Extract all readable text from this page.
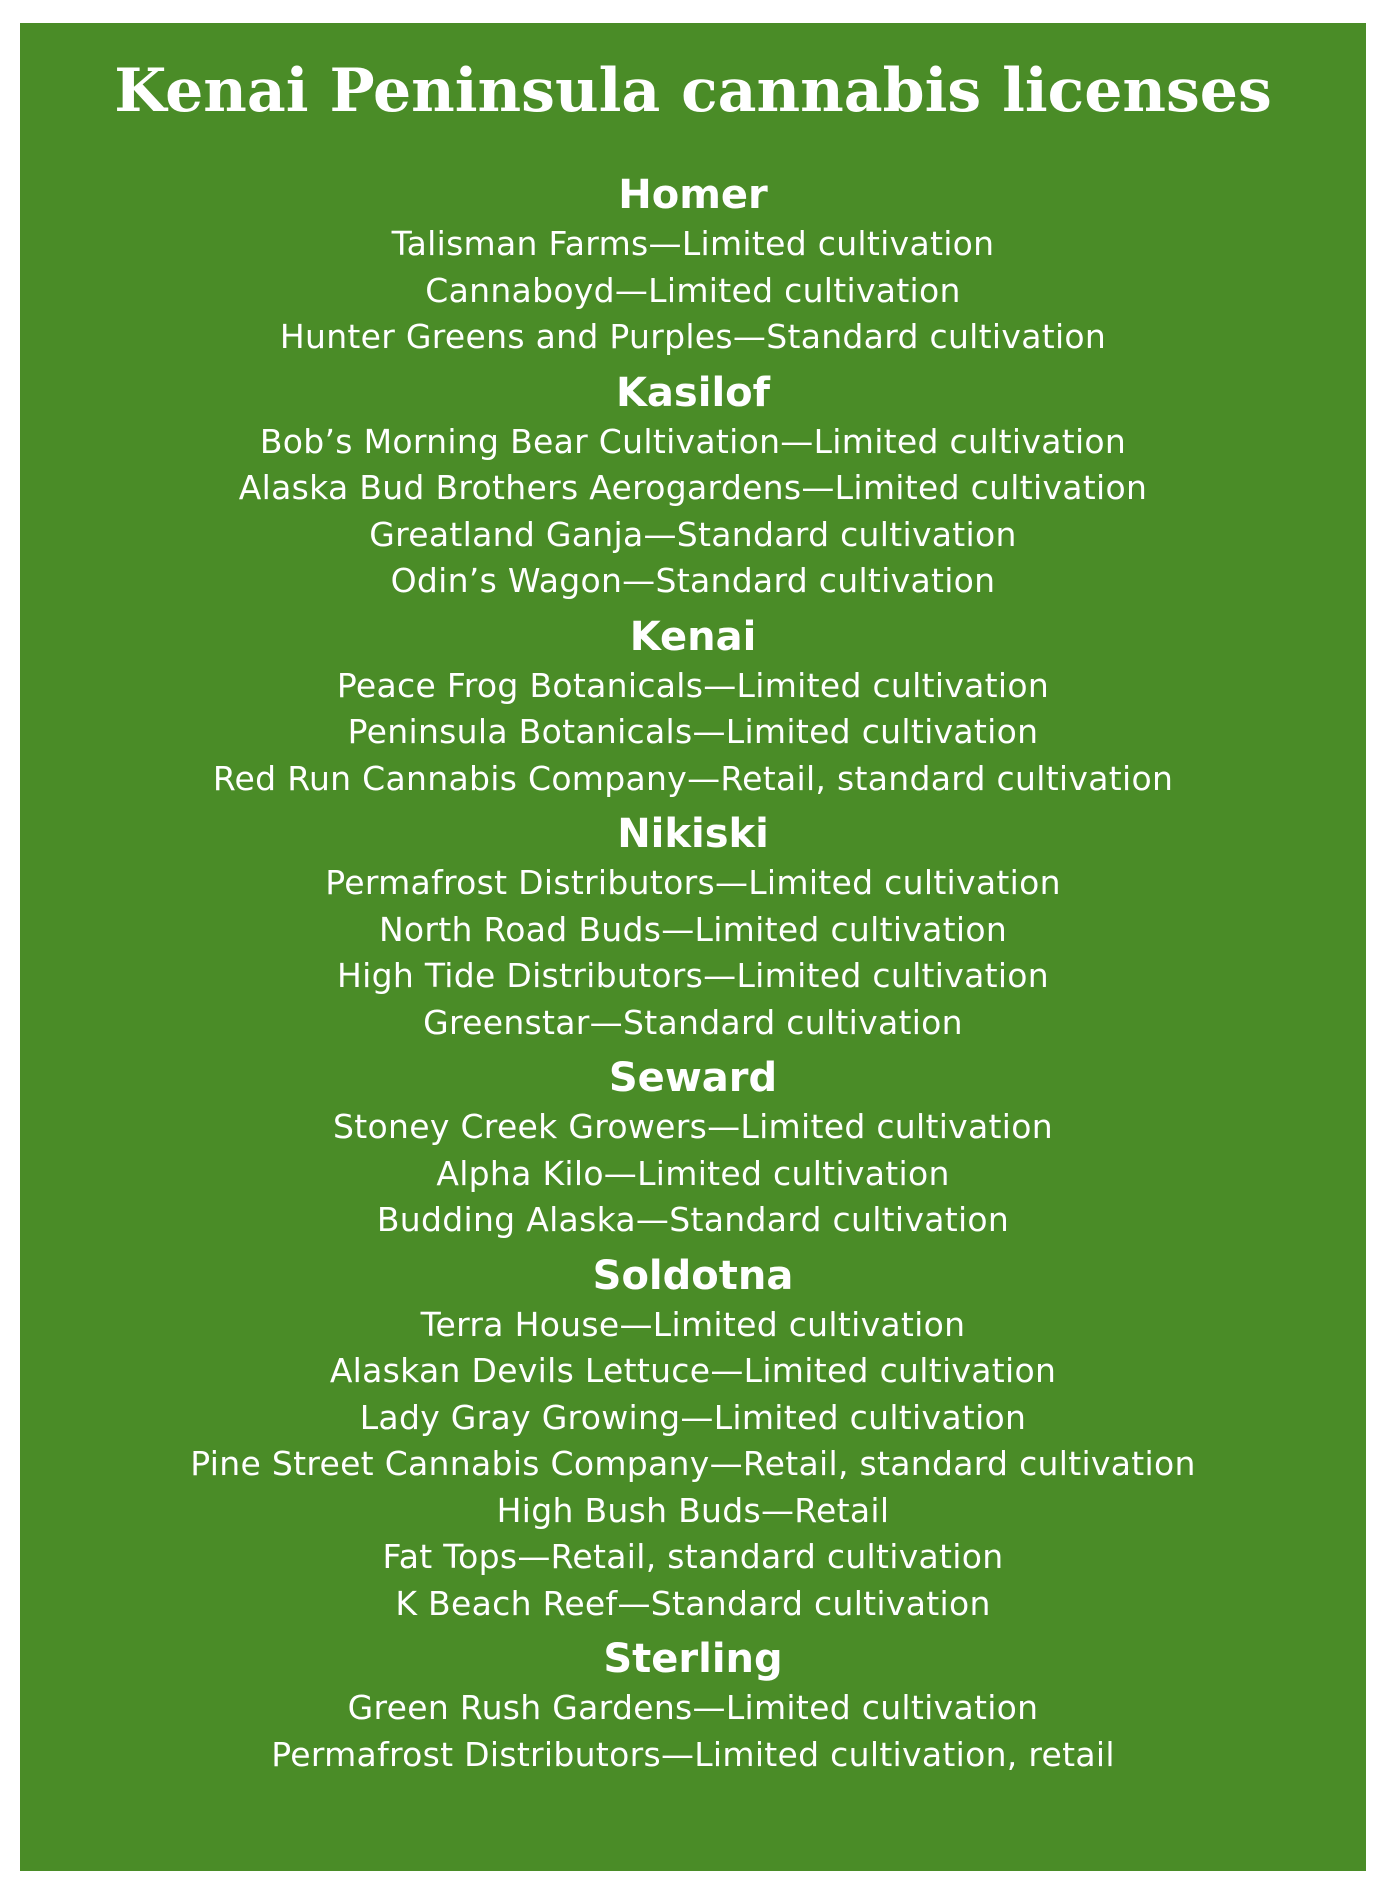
Kenai Peninsula cannabis licenses
Homer
Talisman Farms—Limited cultivation
Cannaboyd—Limited cultivation
Hunter Greens and Purples—Standard cultivation
Kasilof
Bob’s Morning Bear Cultivation—Limited cultivation
Alaska Bud Brothers Aerogardens—Limited cultivation
Greatland Ganja—Standard cultivation
Odin’s Wagon—Standard cultivation
Kenai
Peace Frog Botanicals—Limited cultivation
Peninsula Botanicals—Limited cultivation
Red Run Cannabis Company—Retail, standard cultivation
Nikiski
Permafrost Distributors—Limited cultivation
North Road Buds—Limited cultivation
High Tide Distributors—Limited cultivation
Greenstar—Standard cultivation
Seward
Stoney Creek Growers—Limited cultivation
Alpha Kilo—Limited cultivation
Budding Alaska—Standard cultivation
Soldotna
Terra House—Limited cultivation
Alaskan Devils Lettuce—Limited cultivation
Lady Gray Growing—Limited cultivation
Pine Street Cannabis Company—Retail, standard cultivation
High Bush Buds—Retail
Fat Tops—Retail, standard cultivation
K Beach Reef—Standard cultivation
Sterling
Green Rush Gardens—Limited cultivation
Permafrost Distributors—Limited cultivation, retail
